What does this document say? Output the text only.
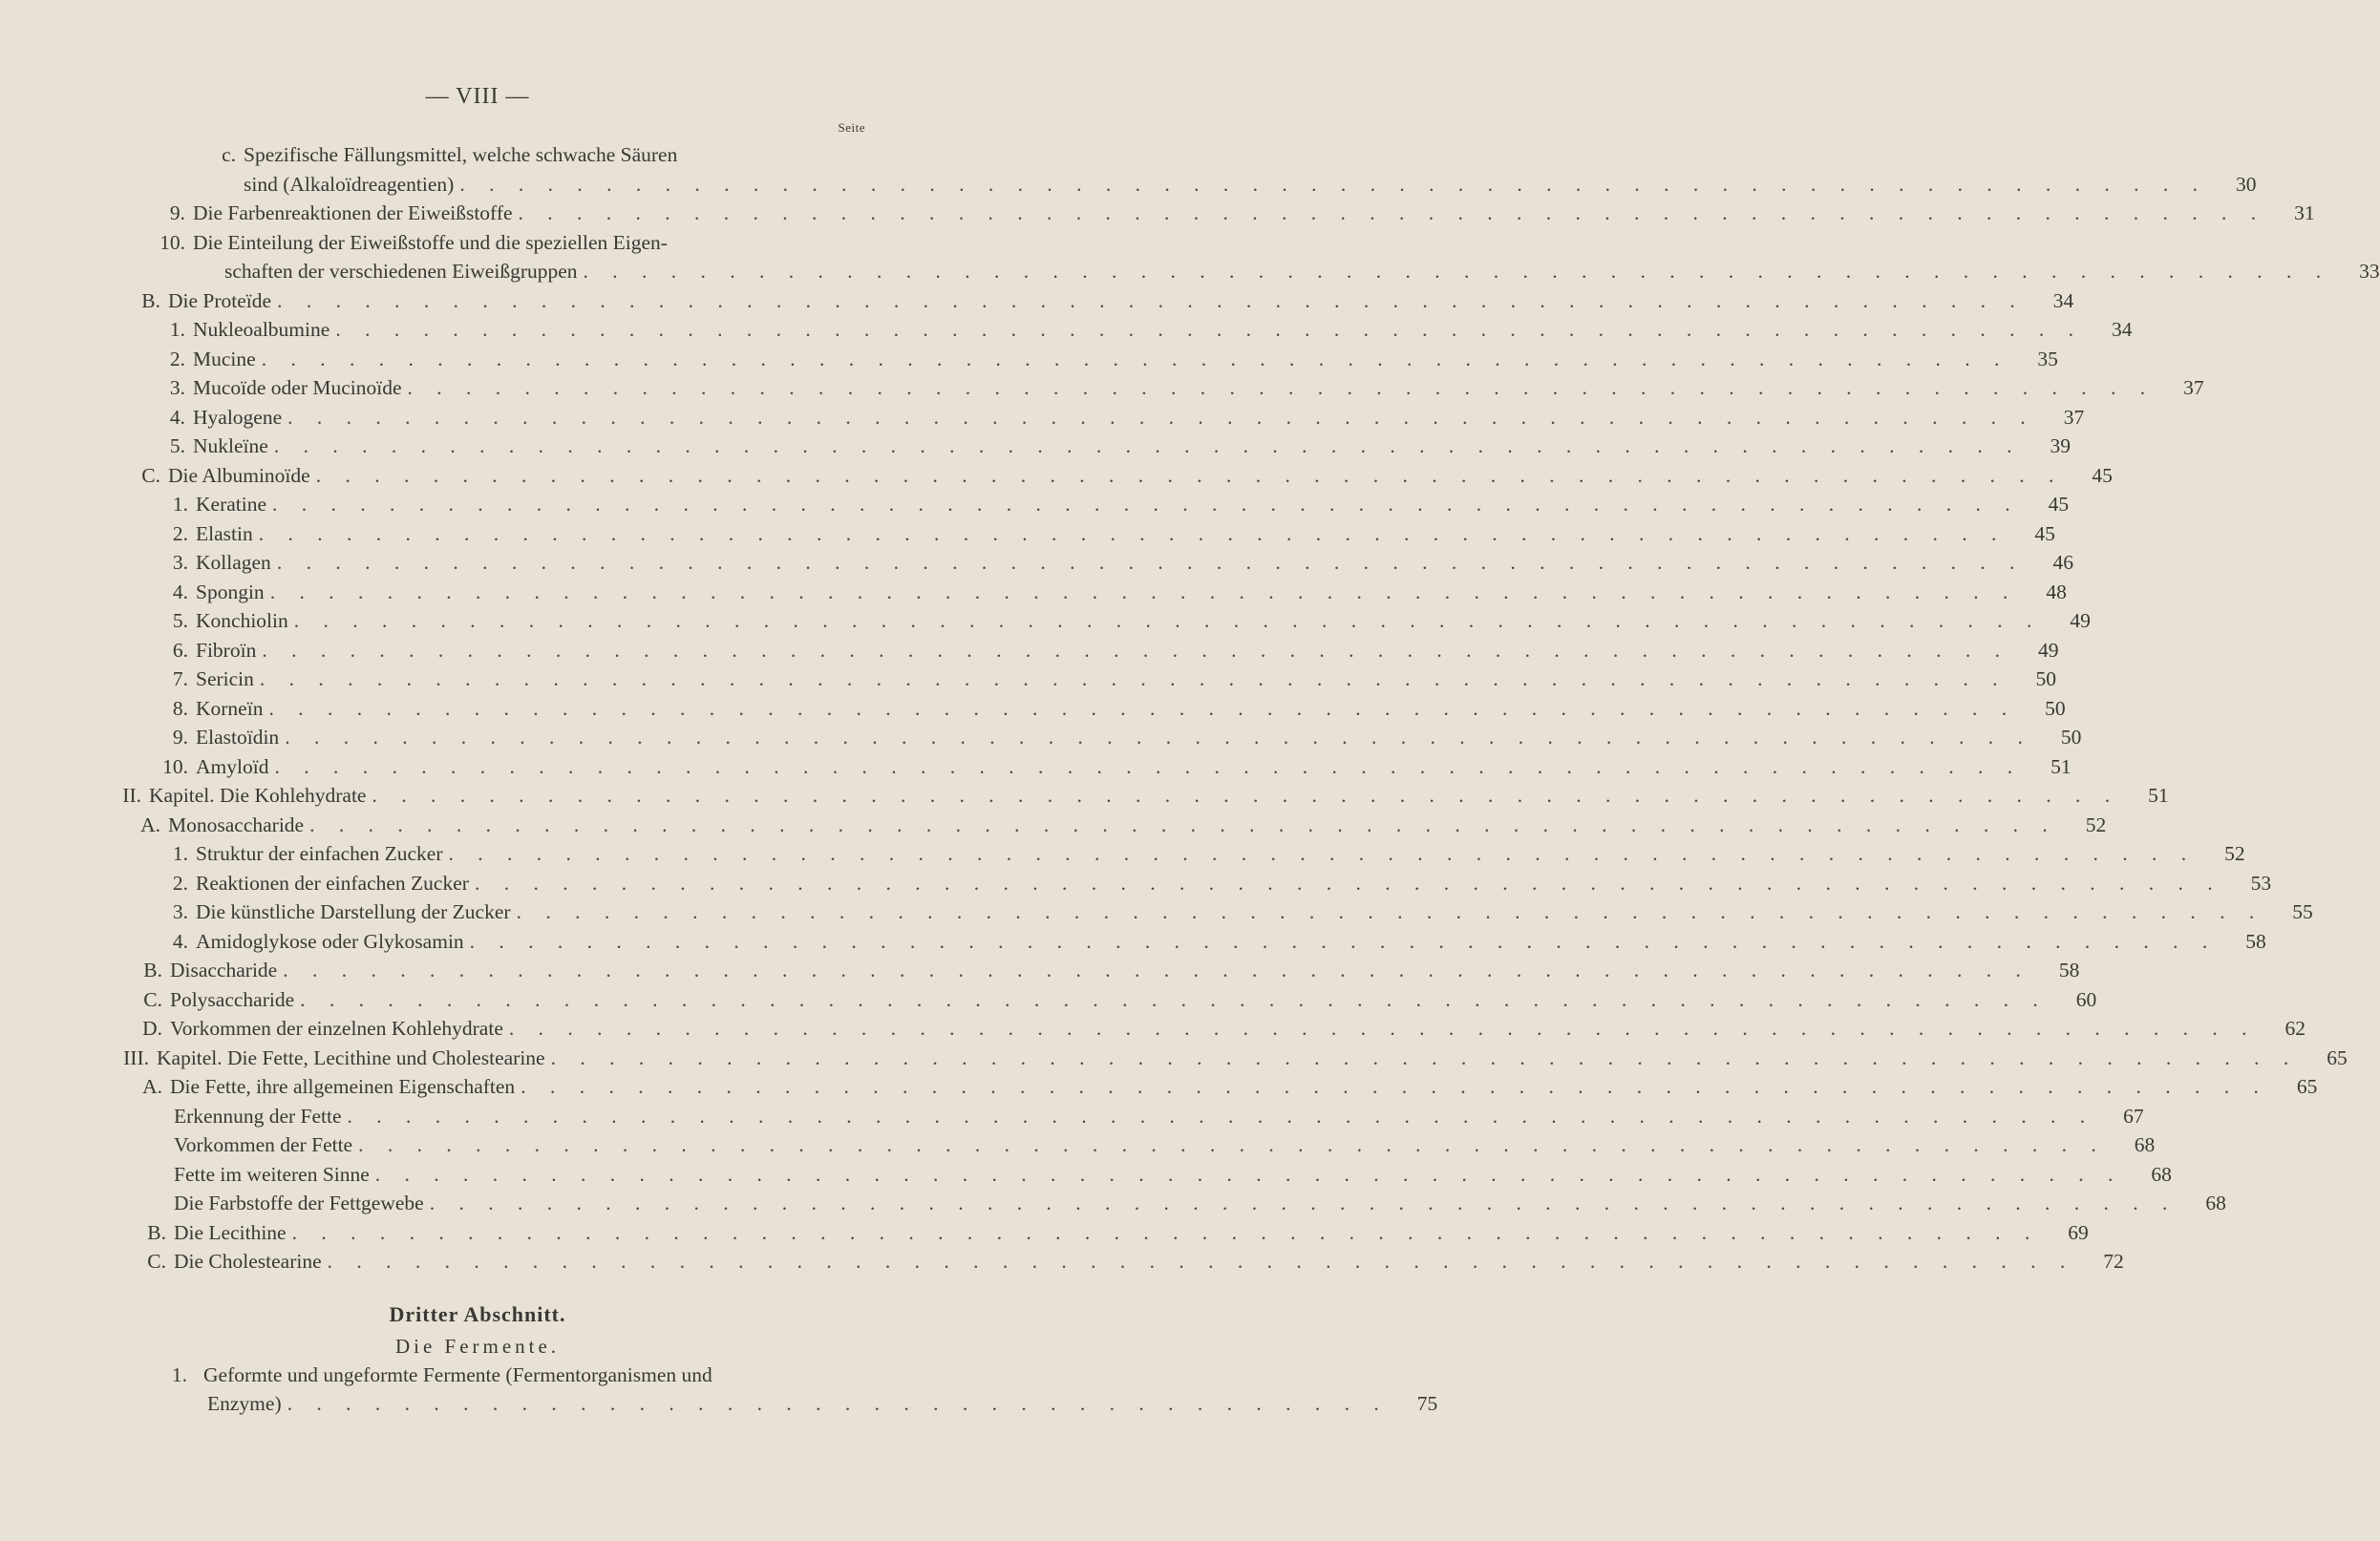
— VIII —
Seite
c. Spezifische Fällungsmittel, welche schwache Säuren
sind (Alkaloïdreagentien) . . . . . . . . . . . . . . . . . . . . . . . . . . . . . . . . . . . . . . . . . . . . . . . . . . . . . . . . . . . . 30
9. Die Farbenreaktionen der Eiweißstoffe . . . . . . . . . . . . . . . . . . . . . . . . . . . . . . . . . . . . . . . . . . . . . . . . . . . . . . . . . . . . 31
10. Die Einteilung der Eiweißstoffe und die speziellen Eigen-
schaften der verschiedenen Eiweißgruppen . . . . . . . . . . . . . . . . . . . . . . . . . . . . . . . . . . . . . . . . . . . . . . . . . . . . . . . . . . . . 33
B. Die Proteïde . . . . . . . . . . . . . . . . . . . . . . . . . . . . . . . . . . . . . . . . . . . . . . . . . . . . . . . . . . . . 34
1. Nukleoalbumine . . . . . . . . . . . . . . . . . . . . . . . . . . . . . . . . . . . . . . . . . . . . . . . . . . . . . . . . . . . . 34
2. Mucine . . . . . . . . . . . . . . . . . . . . . . . . . . . . . . . . . . . . . . . . . . . . . . . . . . . . . . . . . . . . 35
3. Mucoïde oder Mucinoïde . . . . . . . . . . . . . . . . . . . . . . . . . . . . . . . . . . . . . . . . . . . . . . . . . . . . . . . . . . . . 37
4. Hyalogene . . . . . . . . . . . . . . . . . . . . . . . . . . . . . . . . . . . . . . . . . . . . . . . . . . . . . . . . . . . . 37
5. Nukleïne . . . . . . . . . . . . . . . . . . . . . . . . . . . . . . . . . . . . . . . . . . . . . . . . . . . . . . . . . . . . 39
C. Die Albuminoïde . . . . . . . . . . . . . . . . . . . . . . . . . . . . . . . . . . . . . . . . . . . . . . . . . . . . . . . . . . . . 45
1. Keratine . . . . . . . . . . . . . . . . . . . . . . . . . . . . . . . . . . . . . . . . . . . . . . . . . . . . . . . . . . . . 45
2. Elastin . . . . . . . . . . . . . . . . . . . . . . . . . . . . . . . . . . . . . . . . . . . . . . . . . . . . . . . . . . . . 45
3. Kollagen . . . . . . . . . . . . . . . . . . . . . . . . . . . . . . . . . . . . . . . . . . . . . . . . . . . . . . . . . . . . 46
4. Spongin . . . . . . . . . . . . . . . . . . . . . . . . . . . . . . . . . . . . . . . . . . . . . . . . . . . . . . . . . . . . 48
5. Konchiolin . . . . . . . . . . . . . . . . . . . . . . . . . . . . . . . . . . . . . . . . . . . . . . . . . . . . . . . . . . . . 49
6. Fibroïn . . . . . . . . . . . . . . . . . . . . . . . . . . . . . . . . . . . . . . . . . . . . . . . . . . . . . . . . . . . . 49
7. Sericin . . . . . . . . . . . . . . . . . . . . . . . . . . . . . . . . . . . . . . . . . . . . . . . . . . . . . . . . . . . . 50
8. Korneïn . . . . . . . . . . . . . . . . . . . . . . . . . . . . . . . . . . . . . . . . . . . . . . . . . . . . . . . . . . . . 50
9. Elastoïdin . . . . . . . . . . . . . . . . . . . . . . . . . . . . . . . . . . . . . . . . . . . . . . . . . . . . . . . . . . . . 50
10. Amyloïd . . . . . . . . . . . . . . . . . . . . . . . . . . . . . . . . . . . . . . . . . . . . . . . . . . . . . . . . . . . . 51
II. Kapitel. Die Kohlehydrate . . . . . . . . . . . . . . . . . . . . . . . . . . . . . . . . . . . . . . . . . . . . . . . . . . . . . . . . . . . . 51
A. Monosaccharide . . . . . . . . . . . . . . . . . . . . . . . . . . . . . . . . . . . . . . . . . . . . . . . . . . . . . . . . . . . . 52
1. Struktur der einfachen Zucker . . . . . . . . . . . . . . . . . . . . . . . . . . . . . . . . . . . . . . . . . . . . . . . . . . . . . . . . . . . . 52
2. Reaktionen der einfachen Zucker . . . . . . . . . . . . . . . . . . . . . . . . . . . . . . . . . . . . . . . . . . . . . . . . . . . . . . . . . . . . 53
3. Die künstliche Darstellung der Zucker . . . . . . . . . . . . . . . . . . . . . . . . . . . . . . . . . . . . . . . . . . . . . . . . . . . . . . . . . . . . 55
4. Amidoglykose oder Glykosamin . . . . . . . . . . . . . . . . . . . . . . . . . . . . . . . . . . . . . . . . . . . . . . . . . . . . . . . . . . . . 58
B. Disaccharide . . . . . . . . . . . . . . . . . . . . . . . . . . . . . . . . . . . . . . . . . . . . . . . . . . . . . . . . . . . . 58
C. Polysaccharide . . . . . . . . . . . . . . . . . . . . . . . . . . . . . . . . . . . . . . . . . . . . . . . . . . . . . . . . . . . . 60
D. Vorkommen der einzelnen Kohlehydrate . . . . . . . . . . . . . . . . . . . . . . . . . . . . . . . . . . . . . . . . . . . . . . . . . . . . . . . . . . . . 62
III. Kapitel. Die Fette, Lecithine und Cholestearine . . . . . . . . . . . . . . . . . . . . . . . . . . . . . . . . . . . . . . . . . . . . . . . . . . . . . . . . . . . . 65
A. Die Fette, ihre allgemeinen Eigenschaften . . . . . . . . . . . . . . . . . . . . . . . . . . . . . . . . . . . . . . . . . . . . . . . . . . . . . . . . . . . . 65
Erkennung der Fette . . . . . . . . . . . . . . . . . . . . . . . . . . . . . . . . . . . . . . . . . . . . . . . . . . . . . . . . . . . . 67
Vorkommen der Fette . . . . . . . . . . . . . . . . . . . . . . . . . . . . . . . . . . . . . . . . . . . . . . . . . . . . . . . . . . . . 68
Fette im weiteren Sinne . . . . . . . . . . . . . . . . . . . . . . . . . . . . . . . . . . . . . . . . . . . . . . . . . . . . . . . . . . . . 68
Die Farbstoffe der Fettgewebe . . . . . . . . . . . . . . . . . . . . . . . . . . . . . . . . . . . . . . . . . . . . . . . . . . . . . . . . . . . . 68
B. Die Lecithine . . . . . . . . . . . . . . . . . . . . . . . . . . . . . . . . . . . . . . . . . . . . . . . . . . . . . . . . . . . . 69
C. Die Cholestearine . . . . . . . . . . . . . . . . . . . . . . . . . . . . . . . . . . . . . . . . . . . . . . . . . . . . . . . . . . . . 72
Dritter Abschnitt.
Die Fermente.
1. Geformte und ungeformte Fermente (Fermentorganismen und
Enzyme) . . . . . . . . . . . . . . . . . . . . . . . . . . . . . . . . . . . . . . 75
